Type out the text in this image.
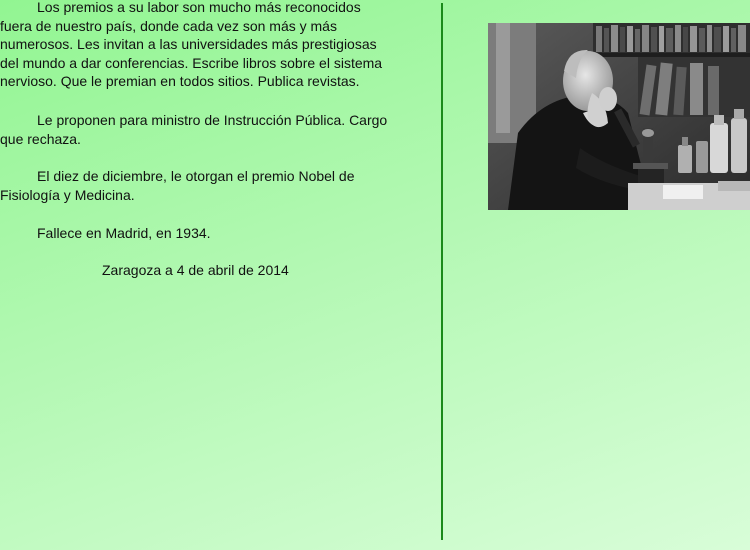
Los premios a su labor son mucho más reconocidos fuera de nuestro país, donde cada vez son más y más numerosos. Les invitan a las universidades más prestigiosas del mundo a dar conferencias. Escribe libros sobre el sistema nervioso. Que le premian en todos sitios. Publica revistas.

Le proponen para ministro de Instrucción Pública. Cargo que rechaza.

El diez de diciembre, le otorgan el premio Nobel de Fisiología y Medicina.

Fallece en Madrid, en 1934.

Zaragoza a 4 de abril de 2014
